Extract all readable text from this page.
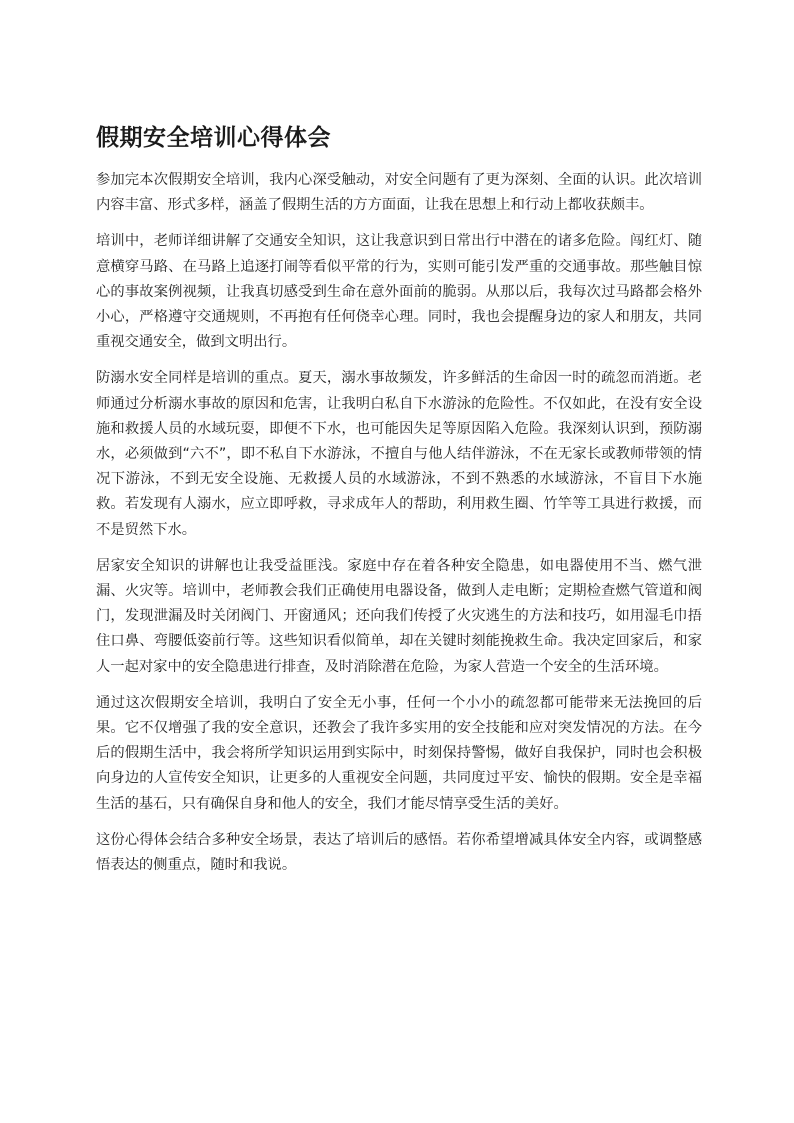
假期安全培训心得体会

参加完本次假期安全培训，我内心深受触动，对安全问题有了更为深刻、全面的认识。此次培训内容丰富、形式多样，涵盖了假期生活的方方面面，让我在思想上和行动上都收获颇丰。

培训中，老师详细讲解了交通安全知识，这让我意识到日常出行中潜在的诸多危险。闯红灯、随意横穿马路、在马路上追逐打闹等看似平常的行为，实则可能引发严重的交通事故。那些触目惊心的事故案例视频，让我真切感受到生命在意外面前的脆弱。从那以后，我每次过马路都会格外小心，严格遵守交通规则，不再抱有任何侥幸心理。同时，我也会提醒身边的家人和朋友，共同重视交通安全，做到文明出行。

防溺水安全同样是培训的重点。夏天，溺水事故频发，许多鲜活的生命因一时的疏忽而消逝。老师通过分析溺水事故的原因和危害，让我明白私自下水游泳的危险性。不仅如此，在没有安全设施和救援人员的水域玩耍，即便不下水，也可能因失足等原因陷入危险。我深刻认识到，预防溺水，必须做到“六不”，即不私自下水游泳，不擅自与他人结伴游泳，不在无家长或教师带领的情况下游泳，不到无安全设施、无救援人员的水域游泳，不到不熟悉的水域游泳，不盲目下水施救。若发现有人溺水，应立即呼救，寻求成年人的帮助，利用救生圈、竹竿等工具进行救援，而不是贸然下水。

居家安全知识的讲解也让我受益匪浅。家庭中存在着各种安全隐患，如电器使用不当、燃气泄漏、火灾等。培训中，老师教会我们正确使用电器设备，做到人走电断；定期检查燃气管道和阀门，发现泄漏及时关闭阀门、开窗通风；还向我们传授了火灾逃生的方法和技巧，如用湿毛巾捂住口鼻、弯腰低姿前行等。这些知识看似简单，却在关键时刻能挽救生命。我决定回家后，和家人一起对家中的安全隐患进行排查，及时消除潜在危险，为家人营造一个安全的生活环境。

通过这次假期安全培训，我明白了安全无小事，任何一个小小的疏忽都可能带来无法挽回的后果。它不仅增强了我的安全意识，还教会了我许多实用的安全技能和应对突发情况的方法。在今后的假期生活中，我会将所学知识运用到实际中，时刻保持警惕，做好自我保护，同时也会积极向身边的人宣传安全知识，让更多的人重视安全问题，共同度过平安、愉快的假期。安全是幸福生活的基石，只有确保自身和他人的安全，我们才能尽情享受生活的美好。

这份心得体会结合多种安全场景，表达了培训后的感悟。若你希望增减具体安全内容，或调整感悟表达的侧重点，随时和我说。
